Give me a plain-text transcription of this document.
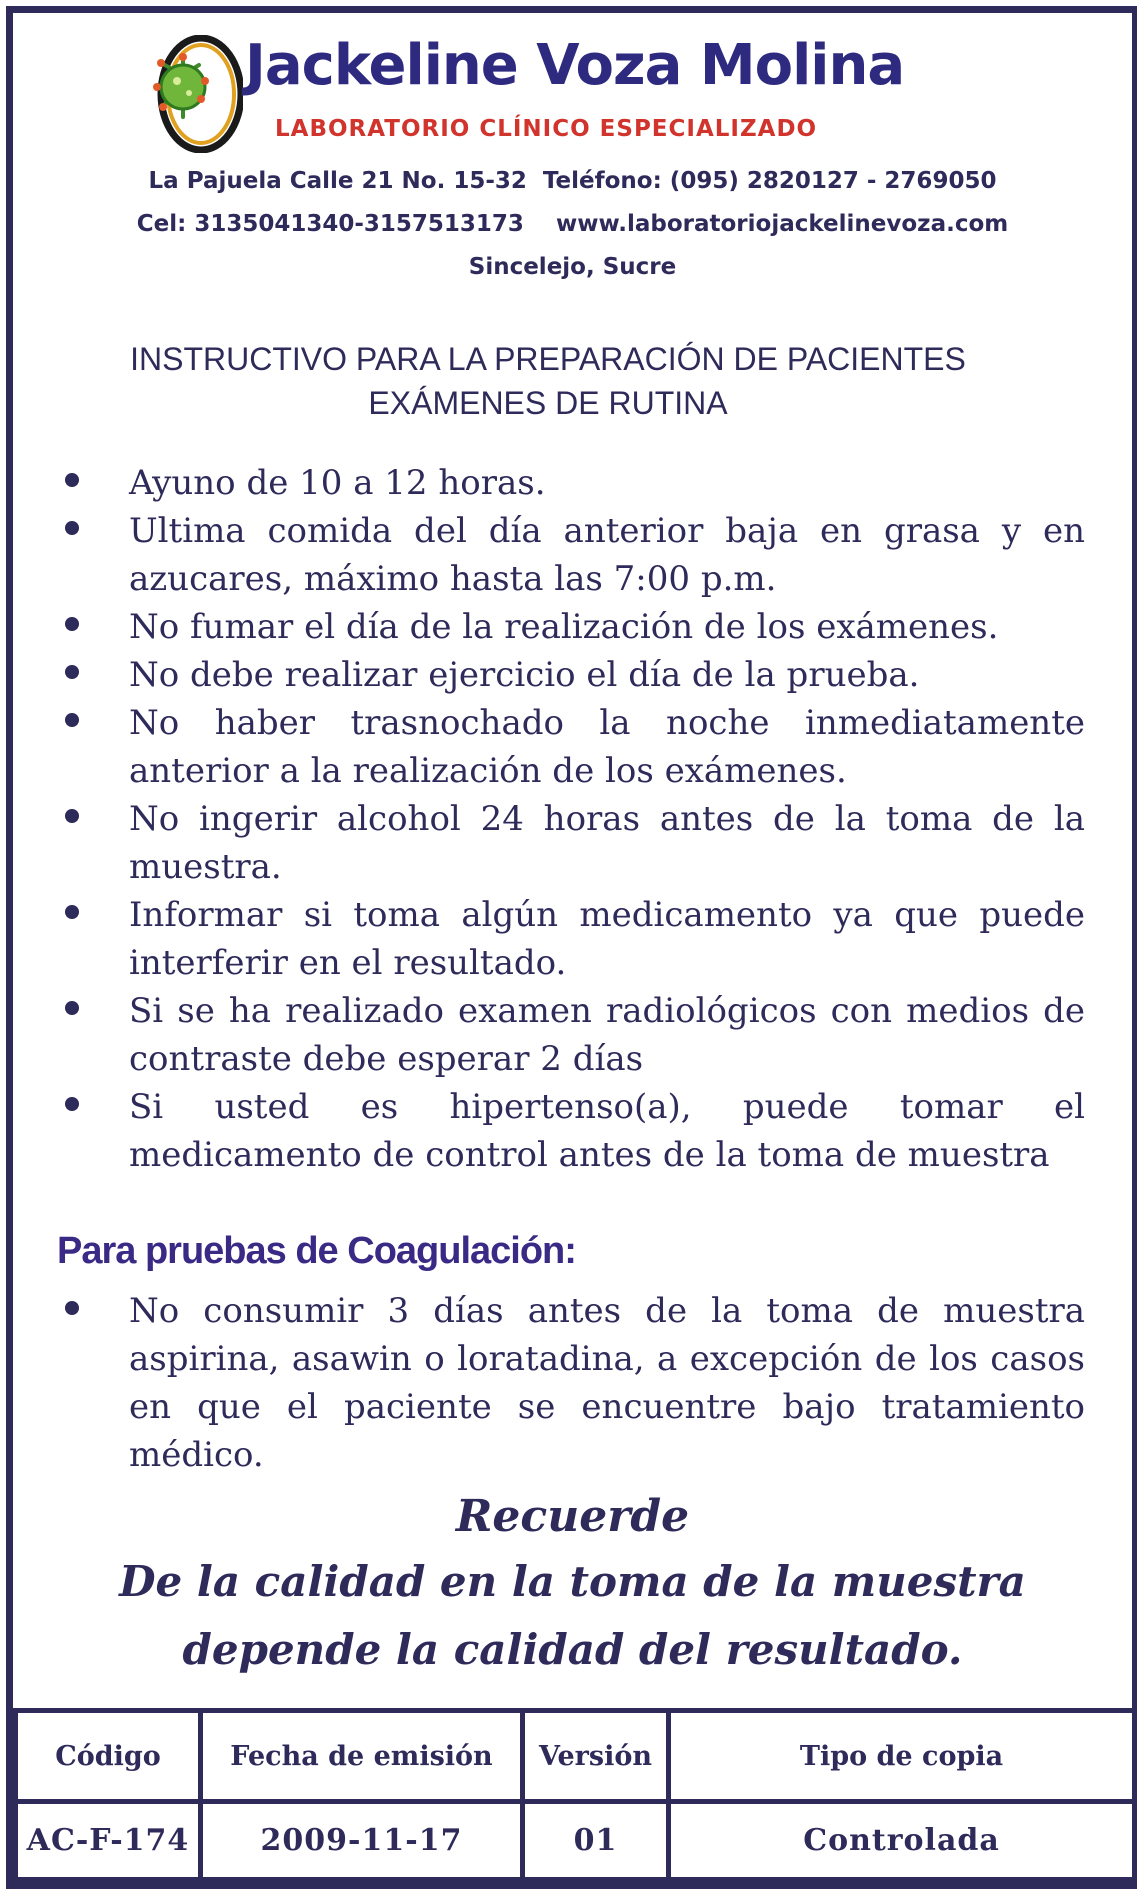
Jackeline Voza Molina
LABORATORIO CLÍNICO ESPECIALIZADO
La Pajuela Calle 21 No. 15-32  Teléfono: (095) 2820127 - 2769050
Cel: 3135041340-3157513173    www.laboratoriojackelinevoza.com
Sincelejo, Sucre
INSTRUCTIVO PARA LA PREPARACIÓN DE PACIENTES
EXÁMENES DE RUTINA
Ayuno de 10 a 12 horas.
Ultima comida del día anterior baja en grasa y en azucares, máximo hasta las 7:00 p.m.
No fumar el día de la realización de los exámenes.
No debe realizar ejercicio el día de la prueba.
No haber trasnochado la noche inmediatamente anterior a la realización de los exámenes.
No ingerir alcohol 24 horas antes de la toma de la muestra.
Informar si toma algún medicamento ya que puede interferir en el resultado.
Si se ha realizado examen radiológicos con medios de contraste debe esperar 2 días
Si usted es hipertenso(a), puede tomar el medicamento de control antes de la toma de muestra
Para pruebas de Coagulación:
No consumir 3 días antes de la toma de muestra aspirina, asawin o loratadina, a excepción de los casos en que el paciente se encuentre bajo tratamiento médico.
Recuerde
De la calidad en la toma de la muestra
depende la calidad del resultado.
Código	Fecha de emisión	Versión	Tipo de copia
AC-F-174	2009-11-17	01	Controlada
